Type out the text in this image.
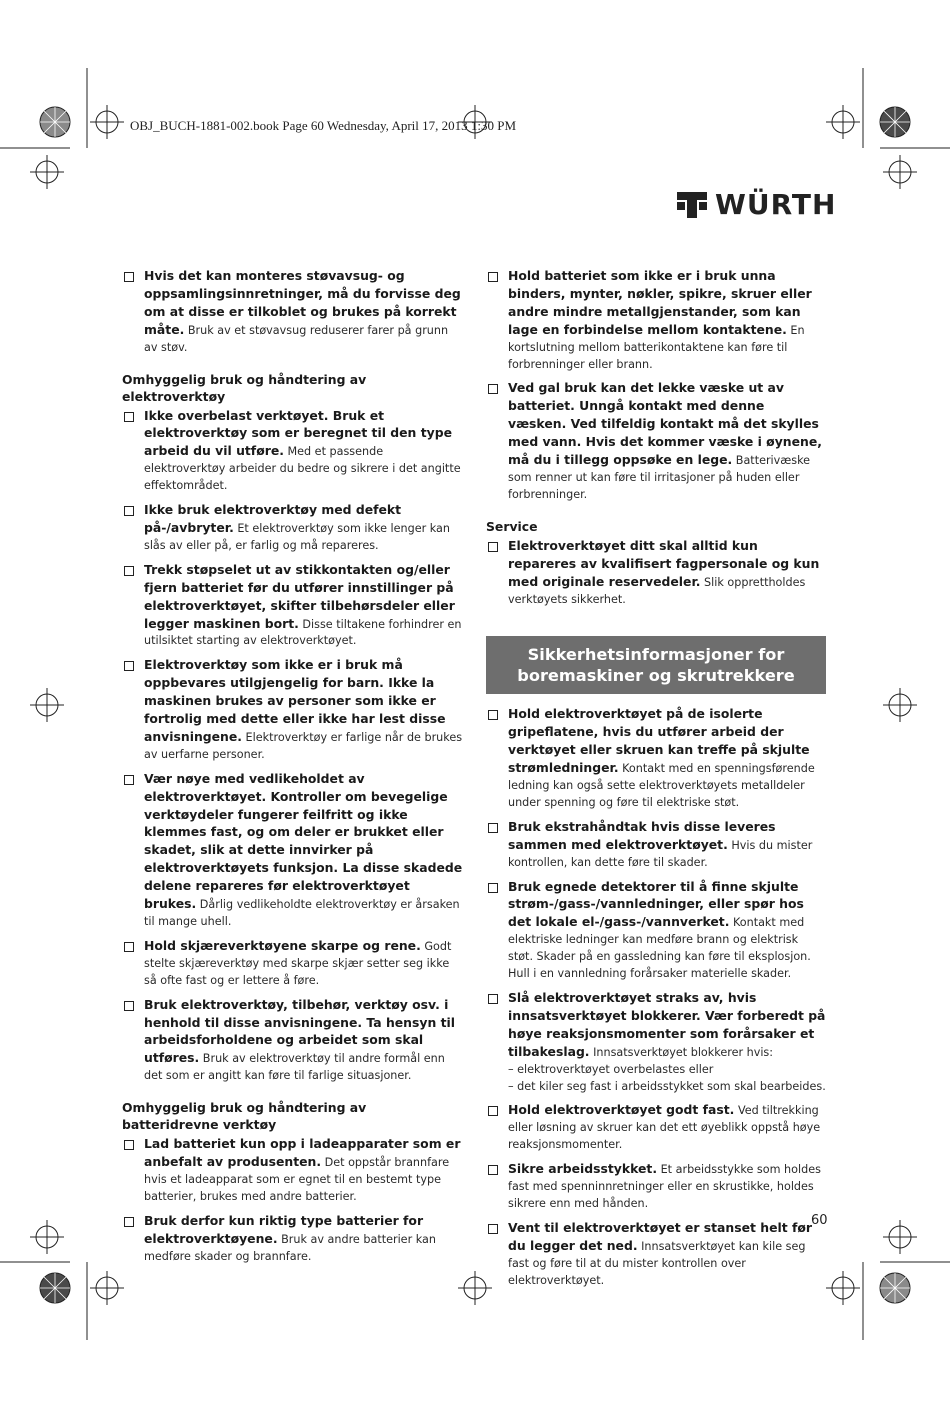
OBJ_BUCH-1881-002.book Page 60 Wednesday, April 17, 2013 1:30 PM
WÜRTH
Hvis det kan monteres støvavsug- og oppsamlingsinnretninger, må du forvisse deg om at disse er tilkoblet og brukes på korrekt måte. Bruk av et støvavsug reduserer farer på grunn av støv.
Omhyggelig bruk og håndtering av elektroverktøy
Ikke overbelast verktøyet. Bruk et elektroverktøy som er beregnet til den type arbeid du vil utføre. Med et passende elektroverktøy arbeider du bedre og sikrere i det angitte effektområdet.
Ikke bruk elektroverktøy med defekt på-/avbryter. Et elektroverktøy som ikke lenger kan slås av eller på, er farlig og må repareres.
Trekk støpselet ut av stikkontakten og/eller fjern batteriet før du utfører innstillinger på elektroverktøyet, skifter tilbehørsdeler eller legger maskinen bort. Disse tiltakene forhindrer en utilsiktet starting av elektroverktøyet.
Elektroverktøy som ikke er i bruk må oppbevares utilgjengelig for barn. Ikke la maskinen brukes av personer som ikke er fortrolig med dette eller ikke har lest disse anvisningene. Elektroverktøy er farlige når de brukes av uerfarne personer.
Vær nøye med vedlikeholdet av elektroverktøyet. Kontroller om bevegelige verktøydeler fungerer feilfritt og ikke klemmes fast, og om deler er brukket eller skadet, slik at dette innvirker på elektroverktøyets funksjon. La disse skadede delene repareres før elektroverktøyet brukes. Dårlig vedlikeholdte elektroverktøy er årsaken til mange uhell.
Hold skjæreverktøyene skarpe og rene. Godt stelte skjæreverktøy med skarpe skjær setter seg ikke så ofte fast og er lettere å føre.
Bruk elektroverktøy, tilbehør, verktøy osv. i henhold til disse anvisningene. Ta hensyn til arbeidsforholdene og arbeidet som skal utføres. Bruk av elektroverktøy til andre formål enn det som er angitt kan føre til farlige situasjoner.
Omhyggelig bruk og håndtering av batteridrevne verktøy
Lad batteriet kun opp i ladeapparater som er anbefalt av produsenten. Det oppstår brannfare hvis et ladeapparat som er egnet til en bestemt type batterier, brukes med andre batterier.
Bruk derfor kun riktig type batterier for elektroverktøyene. Bruk av andre batterier kan medføre skader og brannfare.
Hold batteriet som ikke er i bruk unna binders, mynter, nøkler, spikre, skruer eller andre mindre metallgjenstander, som kan lage en forbindelse mellom kontaktene. En kortslutning mellom batterikontaktene kan føre til forbrenninger eller brann.
Ved gal bruk kan det lekke væske ut av batteriet. Unngå kontakt med denne væsken. Ved tilfeldig kontakt må det skylles med vann. Hvis det kommer væske i øynene, må du i tillegg oppsøke en lege. Batterivæske som renner ut kan føre til irritasjoner på huden eller forbrenninger.
Service
Elektroverktøyet ditt skal alltid kun repareres av kvalifisert fagpersonale og kun med originale reservedeler. Slik opprettholdes verktøyets sikkerhet.
Sikkerhetsinformasjoner for boremaskiner og skrutrekkere
Hold elektroverktøyet på de isolerte gripeflatene, hvis du utfører arbeid der verktøyet eller skruen kan treffe på skjulte strømledninger. Kontakt med en spenningsførende ledning kan også sette elektroverktøyets metalldeler under spenning og føre til elektriske støt.
Bruk ekstrahåndtak hvis disse leveres sammen med elektroverktøyet. Hvis du mister kontrollen, kan dette føre til skader.
Bruk egnede detektorer til å finne skjulte strøm-/gass-/vannledninger, eller spør hos det lokale el-/gass-/vannverket. Kontakt med elektriske ledninger kan medføre brann og elektrisk støt. Skader på en gassledning kan føre til eksplosjon. Hull i en vannledning forårsaker materielle skader.
Slå elektroverktøyet straks av, hvis innsatsverktøyet blokkerer. Vær forberedt på høye reaksjonsmomenter som forårsaker et tilbakeslag. Innsatsverktøyet blokkerer hvis:
– elektroverktøyet overbelastes eller
– det kiler seg fast i arbeidsstykket som skal bearbeides.
Hold elektroverktøyet godt fast. Ved tiltrekking eller løsning av skruer kan det ett øyeblikk oppstå høye reaksjonsmomenter.
Sikre arbeidsstykket. Et arbeidsstykke som holdes fast med spenninnretninger eller en skrustikke, holdes sikrere enn med hånden.
Vent til elektroverktøyet er stanset helt før du legger det ned. Innsatsverktøyet kan kile seg fast og føre til at du mister kontrollen over elektroverktøyet.
60
